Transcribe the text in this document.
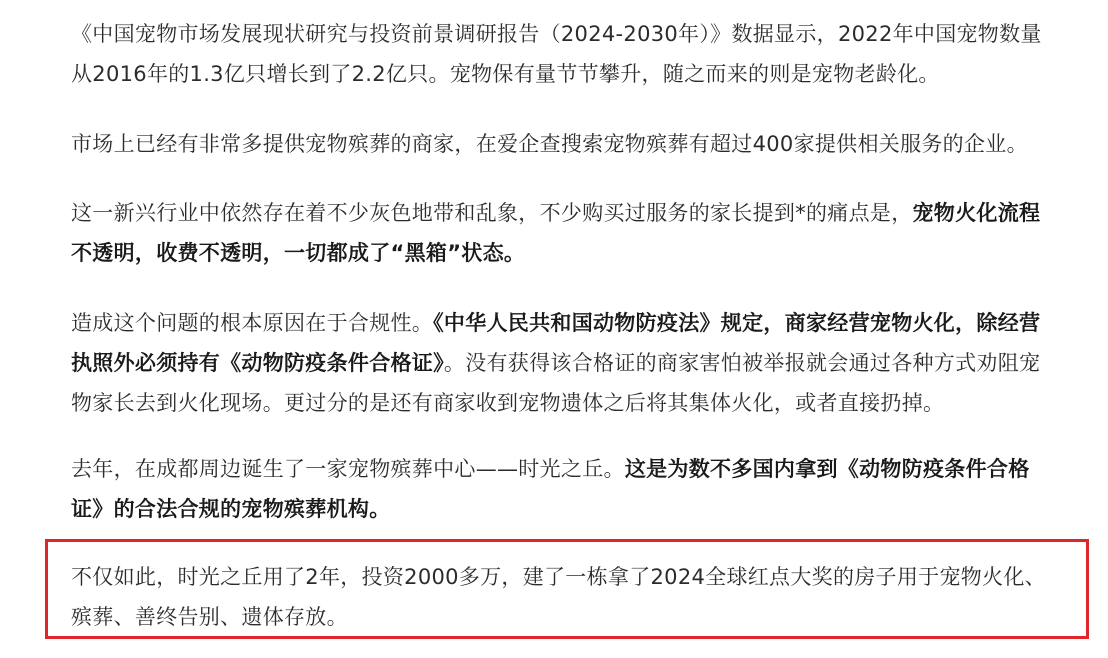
《中国宠物市场发展现状研究与投资前景调研报告（2024-2030年）》数据显示，2022年中国宠物数量
从2016年的1.3亿只增长到了2.2亿只。宠物保有量节节攀升，随之而来的则是宠物老龄化。

市场上已经有非常多提供宠物殡葬的商家，在爱企查搜索宠物殡葬有超过400家提供相关服务的企业。

这一新兴行业中依然存在着不少灰色地带和乱象，不少购买过服务的家长提到*的痛点是，宠物火化流程
不透明，收费不透明，一切都成了“黑箱”状态。

造成这个问题的根本原因在于合规性。《中华人民共和国动物防疫法》规定，商家经营宠物火化，除经营
执照外必须持有《动物防疫条件合格证》。没有获得该合格证的商家害怕被举报就会通过各种方式劝阻宠
物家长去到火化现场。更过分的是还有商家收到宠物遗体之后将其集体火化，或者直接扔掉。

去年，在成都周边诞生了一家宠物殡葬中心——时光之丘。这是为数不多国内拿到《动物防疫条件合格
证》的合法合规的宠物殡葬机构。

不仅如此，时光之丘用了2年，投资2000多万，建了一栋拿了2024全球红点大奖的房子用于宠物火化、
殡葬、善终告别、遗体存放。
